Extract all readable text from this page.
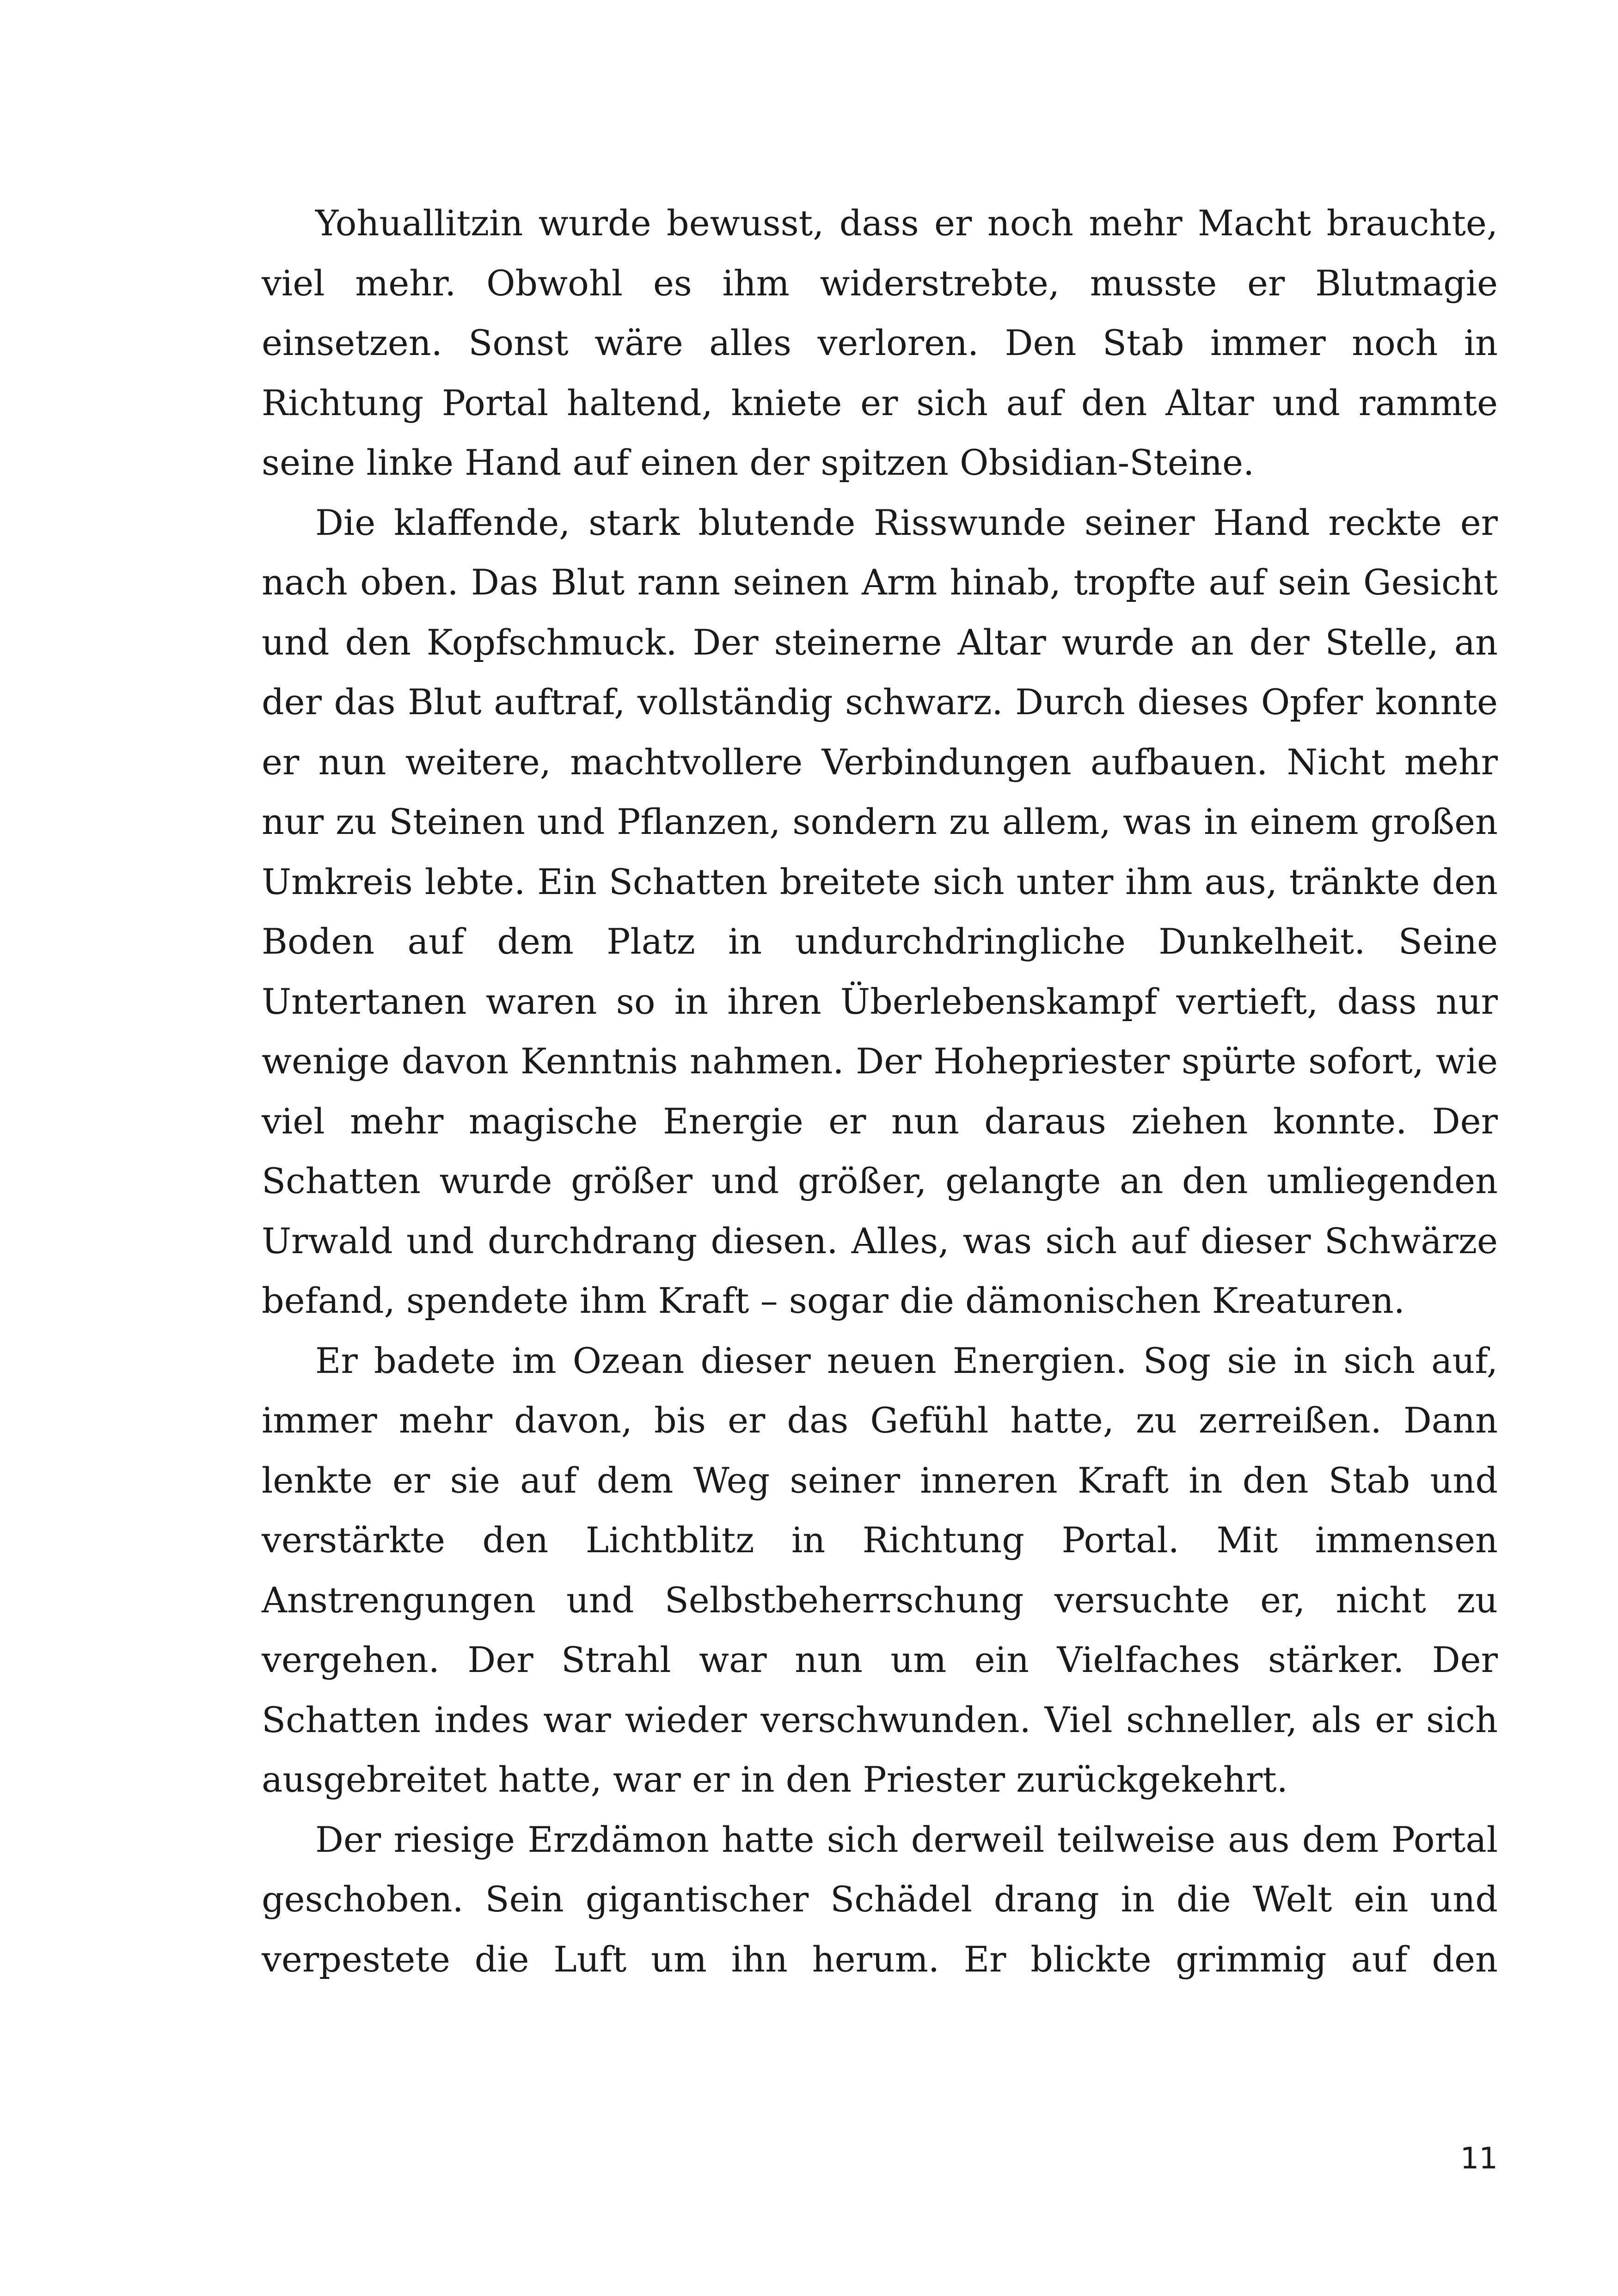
Yohuallitzin wurde bewusst, dass er noch mehr Macht brauchte, viel mehr. Obwohl es ihm widerstrebte, musste er Blutmagie einsetzen. Sonst wäre alles verloren. Den Stab immer noch in Richtung Portal haltend, kniete er sich auf den Altar und rammte seine linke Hand auf einen der spitzen Obsidian-Steine.

Die klaffende, stark blutende Risswunde seiner Hand reckte er nach oben. Das Blut rann seinen Arm hinab, tropfte auf sein Gesicht und den Kopfschmuck. Der steinerne Altar wurde an der Stelle, an der das Blut auftraf, vollständig schwarz. Durch dieses Opfer konnte er nun weitere, machtvollere Verbindungen aufbauen. Nicht mehr nur zu Steinen und Pflanzen, sondern zu allem, was in einem großen Umkreis lebte. Ein Schatten breitete sich unter ihm aus, tränkte den Boden auf dem Platz in undurchdringliche Dunkelheit. Seine Untertanen waren so in ihren Überlebenskampf vertieft, dass nur wenige davon Kenntnis nahmen. Der Hohepriester spürte sofort, wie viel mehr magische Energie er nun daraus ziehen konnte. Der Schatten wurde größer und größer, gelangte an den umliegenden Urwald und durchdrang diesen. Alles, was sich auf dieser Schwärze befand, spendete ihm Kraft – sogar die dämonischen Kreaturen.

Er badete im Ozean dieser neuen Energien. Sog sie in sich auf, immer mehr davon, bis er das Gefühl hatte, zu zerreißen. Dann lenkte er sie auf dem Weg seiner inneren Kraft in den Stab und verstärkte den Lichtblitz in Richtung Portal. Mit immensen Anstrengungen und Selbstbeherrschung versuchte er, nicht zu vergehen. Der Strahl war nun um ein Vielfaches stärker. Der Schatten indes war wieder verschwunden. Viel schneller, als er sich ausgebreitet hatte, war er in den Priester zurückgekehrt.

Der riesige Erzdämon hatte sich derweil teilweise aus dem Portal geschoben. Sein gigantischer Schädel drang in die Welt ein und verpestete die Luft um ihn herum. Er blickte grimmig auf den

11
